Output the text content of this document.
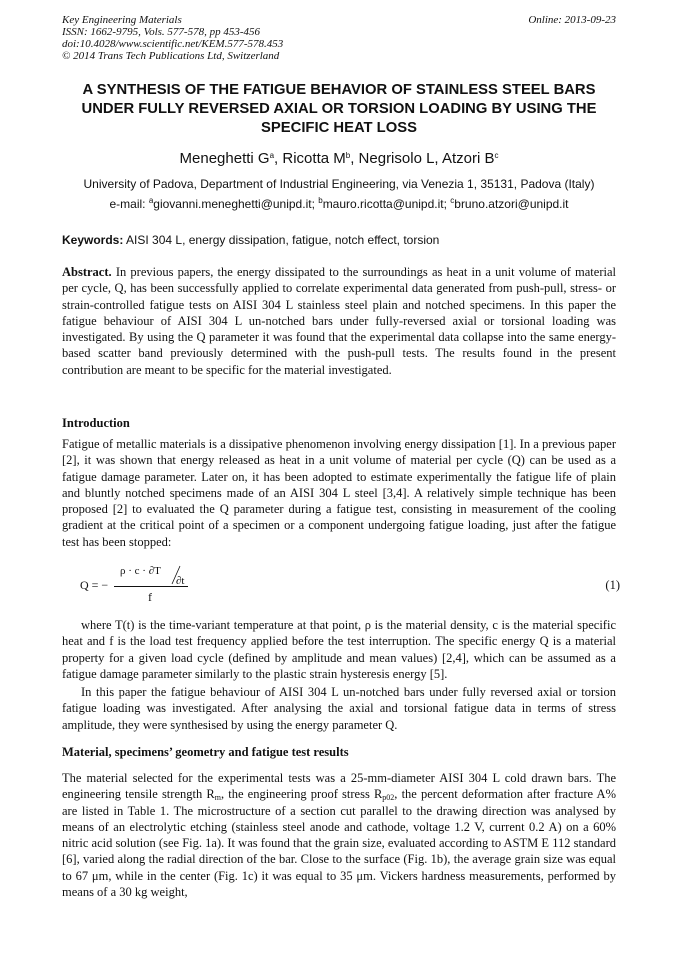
Key Engineering Materials
ISSN: 1662-9795, Vols. 577-578, pp 453-456
doi:10.4028/www.scientific.net/KEM.577-578.453
© 2014 Trans Tech Publications Ltd, Switzerland
Online: 2013-09-23
A SYNTHESIS OF THE FATIGUE BEHAVIOR OF STAINLESS STEEL BARS UNDER FULLY REVERSED AXIAL OR TORSION LOADING BY USING THE SPECIFIC HEAT LOSS
Meneghetti $G^a$, Ricotta $M^b$, Negrisolo L, Atzori $B^c$
University of Padova, Department of Industrial Engineering, via Venezia 1, 35131, Padova (Italy)
e-mail: $^a$giovanni.meneghetti@unipd.it; $^b$mauro.ricotta@unipd.it; $^c$bruno.atzori@unipd.it
Keywords: AISI 304 L, energy dissipation, fatigue, notch effect, torsion
Abstract. In previous papers, the energy dissipated to the surroundings as heat in a unit volume of material per cycle, Q, has been successfully applied to correlate experimental data generated from push-pull, stress- or strain-controlled fatigue tests on AISI 304 L stainless steel plain and notched specimens. In this paper the fatigue behaviour of AISI 304 L un-notched bars under fully-reversed axial or torsional loading was investigated. By using the Q parameter it was found that the experimental data collapse into the same energy-based scatter band previously determined with the push-pull tests. The results found in the present contribution are meant to be specific for the material investigated.
Introduction
Fatigue of metallic materials is a dissipative phenomenon involving energy dissipation [1]. In a previous paper [2], it was shown that energy released as heat in a unit volume of material per cycle (Q) can be used as a fatigue damage parameter. Later on, it has been adopted to estimate experimentally the fatigue life of plain and bluntly notched specimens made of an AISI 304 L steel [3,4]. A relatively simple technique has been proposed [2] to evaluated the Q parameter during a fatigue test, consisting in measurement of the cooling gradient at the critical point of a specimen or a component undergoing fatigue loading, just after the fatigue test has been stopped:
Q = −
ρ · c · ∂T
∂t
f
(1)
where T(t) is the time-variant temperature at that point, ρ is the material density, c is the material specific heat and f is the load test frequency applied before the test interruption. The specific energy Q is a material property for a given load cycle (defined by amplitude and mean values) [2,4], which can be assumed as a fatigue damage parameter similarly to the plastic strain hysteresis energy [5].
In this paper the fatigue behaviour of AISI 304 L un-notched bars under fully reversed axial or torsion fatigue loading was investigated. After analysing the axial and torsional fatigue data in terms of stress amplitude, they were synthesised by using the energy parameter Q.
Material, specimens’ geometry and fatigue test results
The material selected for the experimental tests was a 25-mm-diameter AISI 304 L cold drawn bars. The engineering tensile strength $R_m$, the engineering proof stress $R_{p02}$, the percent deformation after fracture A% are listed in Table 1. The microstructure of a section cut parallel to the drawing direction was analysed by means of an electrolytic etching (stainless steel anode and cathode, voltage 1.2 V, current 0.2 A) on a 60% nitric acid solution (see Fig. 1a). It was found that the grain size, evaluated according to ASTM E 112 standard [6], varied along the radial direction of the bar. Close to the surface (Fig. 1b), the average grain size was equal to 67 μm, while in the center (Fig. 1c) it was equal to 35 μm. Vickers hardness measurements, performed by means of a 30 kg weight,
